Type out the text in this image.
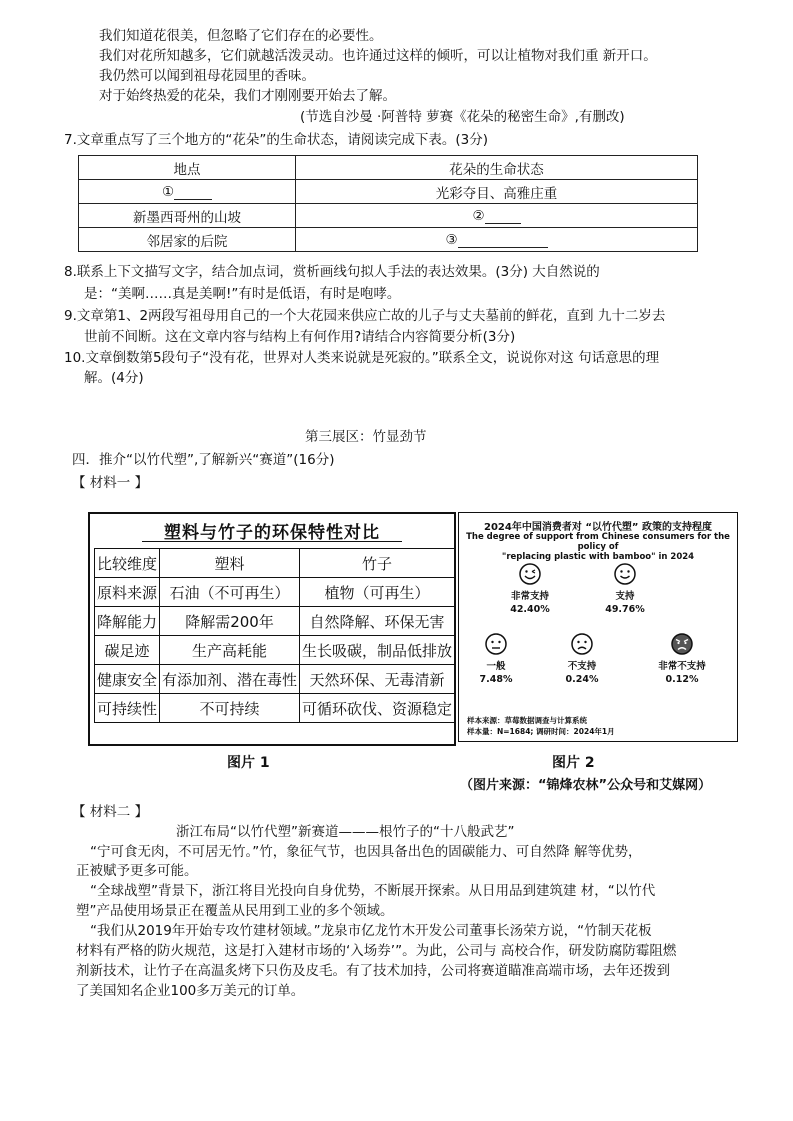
我们知道花很美，但忽略了它们存在的必要性。
我们对花所知越多，它们就越活泼灵动。也许通过这样的倾听，可以让植物对我们重 新开口。
我仍然可以闻到祖母花园里的香味。
对于始终热爱的花朵，我们才刚刚要开始去了解。
(节选自沙曼 ·阿普特 萝赛《花朵的秘密生命》,有删改)
7.文章重点写了三个地方的“花朵”的生命状态，请阅读完成下表。(3分)
地点	花朵的生命状态
①	光彩夺目、高雅庄重
新墨西哥州的山坡	②
邻居家的后院	③
8.联系上下文描写文字，结合加点词，赏析画线句拟人手法的表达效果。(3分) 大自然说的
是：“美啊……真是美啊!”有时是低语，有时是咆哮。
9.文章第1、2两段写祖母用自己的一个大花园来供应亡故的儿子与丈夫墓前的鲜花，直到 九十二岁去
世前不间断。这在文章内容与结构上有何作用?请结合内容简要分析(3分)
10.文章倒数第5段句子“没有花，世界对人类来说就是死寂的。”联系全文，说说你对这 句话意思的理
解。(4分)
第三展区：竹显劲节
四．推介“以竹代塑”,了解新兴“赛道”(16分)
【 材料一 】
塑料与竹子的环保特性对比
比较维度	塑料	竹子
原料来源	石油（不可再生）	植物（可再生）
降解能力	降解需200年	自然降解、环保无害
碳足迹	生产高耗能	生长吸碳，制品低排放
健康安全	有添加剂、潜在毒性	天然环保、无毒清新
可持续性	不可持续	可循环砍伐、资源稳定
2024年中国消费者对 “以竹代塑” 政策的支持程度
The degree of support from Chinese consumers for the policy of
"replacing plastic with bamboo" in 2024
非常支持
42.40%
支持
49.76%
一般
7.48%
不支持
0.24%
非常不支持
0.12%
样本来源：草莓数据调查与计算系统
样本量：N=1684; 调研时间：2024年1月
图片 1	图片 2
（图片来源：“锦烽农林”公众号和艾媒网）
【 材料二 】
浙江布局“以竹代塑”新赛道———根竹子的“十八般武艺”
“宁可食无肉，不可居无竹。”竹，象征气节，也因具备出色的固碳能力、可自然降 解等优势，
正被赋予更多可能。
“全球战塑”背景下，浙江将目光投向自身优势，不断展开探索。从日用品到建筑建 材，“以竹代
塑”产品使用场景正在覆盖从民用到工业的多个领域。
“我们从2019年开始专攻竹建材领域。”龙泉市亿龙竹木开发公司董事长汤荣方说，“竹制天花板
材料有严格的防火规范，这是打入建材市场的‘入场券’”。为此，公司与 高校合作，研发防腐防霉阻燃
剂新技术，让竹子在高温炙烤下只伤及皮毛。有了技术加持，公司将赛道瞄准高端市场，去年还拨到
了美国知名企业100多万美元的订单。
